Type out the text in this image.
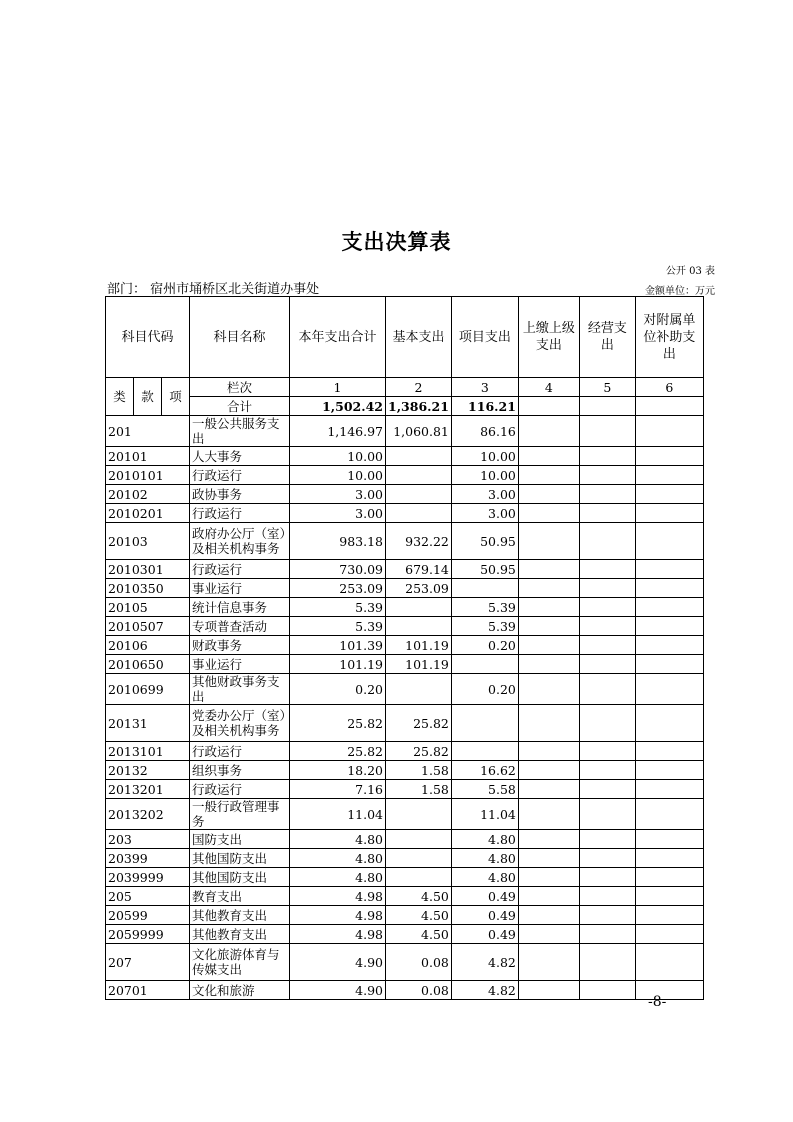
支出决算表
公开 03 表
部门： 宿州市埇桥区北关街道办事处	金额单位：万元
科目代码			科目名称	本年支出合计	基本支出	项目支出	上缴上级支出	经营支出	对附属单位补助支出
类	款	项	栏次	1	2	3	4	5	6
			合计	1,502.42	1,386.21	116.21			
201			一般公共服务支出	1,146.97	1,060.81	86.16			
20101			人大事务	10.00		10.00			
2010101			行政运行	10.00		10.00			
20102			政协事务	3.00		3.00			
2010201			行政运行	3.00		3.00			
20103			政府办公厅（室）及相关机构事务	983.18	932.22	50.95			
2010301			行政运行	730.09	679.14	50.95			
2010350			事业运行	253.09	253.09				
20105			统计信息事务	5.39		5.39			
2010507			专项普查活动	5.39		5.39			
20106			财政事务	101.39	101.19	0.20			
2010650			事业运行	101.19	101.19				
2010699			其他财政事务支出	0.20		0.20			
20131			党委办公厅（室）及相关机构事务	25.82	25.82				
2013101			行政运行	25.82	25.82				
20132			组织事务	18.20	1.58	16.62			
2013201			行政运行	7.16	1.58	5.58			
2013202			一般行政管理事务	11.04		11.04			
203			国防支出	4.80		4.80			
20399			其他国防支出	4.80		4.80			
2039999			其他国防支出	4.80		4.80			
205			教育支出	4.98	4.50	0.49			
20599			其他教育支出	4.98	4.50	0.49			
2059999			其他教育支出	4.98	4.50	0.49			
207			文化旅游体育与传媒支出	4.90	0.08	4.82			
20701			文化和旅游	4.90	0.08	4.82			
-8-
